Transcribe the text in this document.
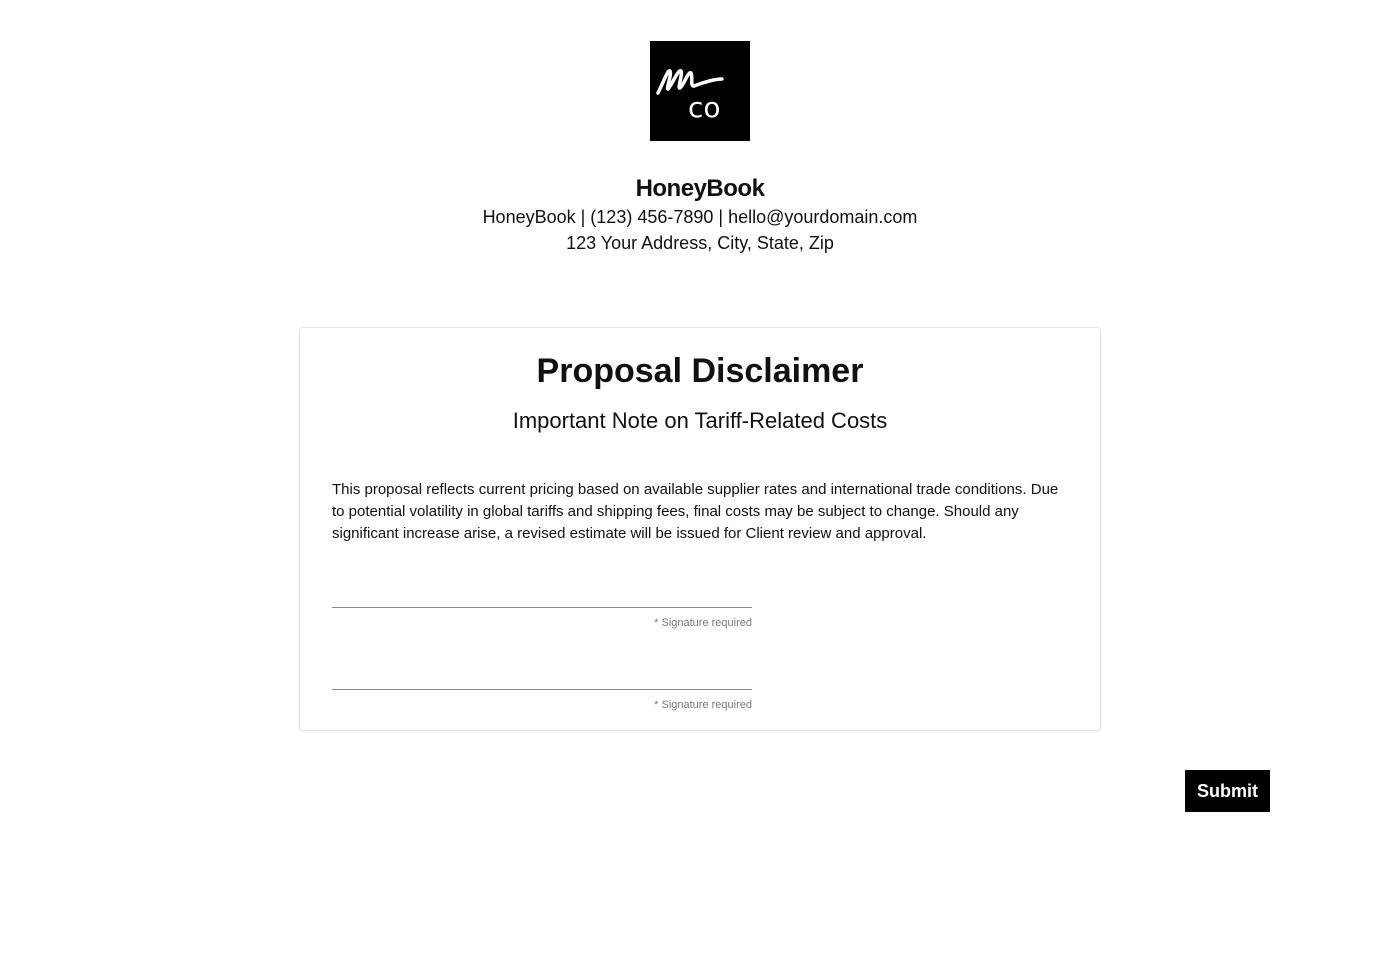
co
HoneyBook
HoneyBook | (123) 456-7890 | hello@yourdomain.com
123 Your Address, City, State, Zip
Proposal Disclaimer
Important Note on Tariff-Related Costs
This proposal reflects current pricing based on available supplier rates and international trade conditions. Due to potential volatility in global tariffs and shipping fees, final costs may be subject to change. Should any significant increase arise, a revised estimate will be issued for Client review and approval.
* Signature required
* Signature required
Submit
